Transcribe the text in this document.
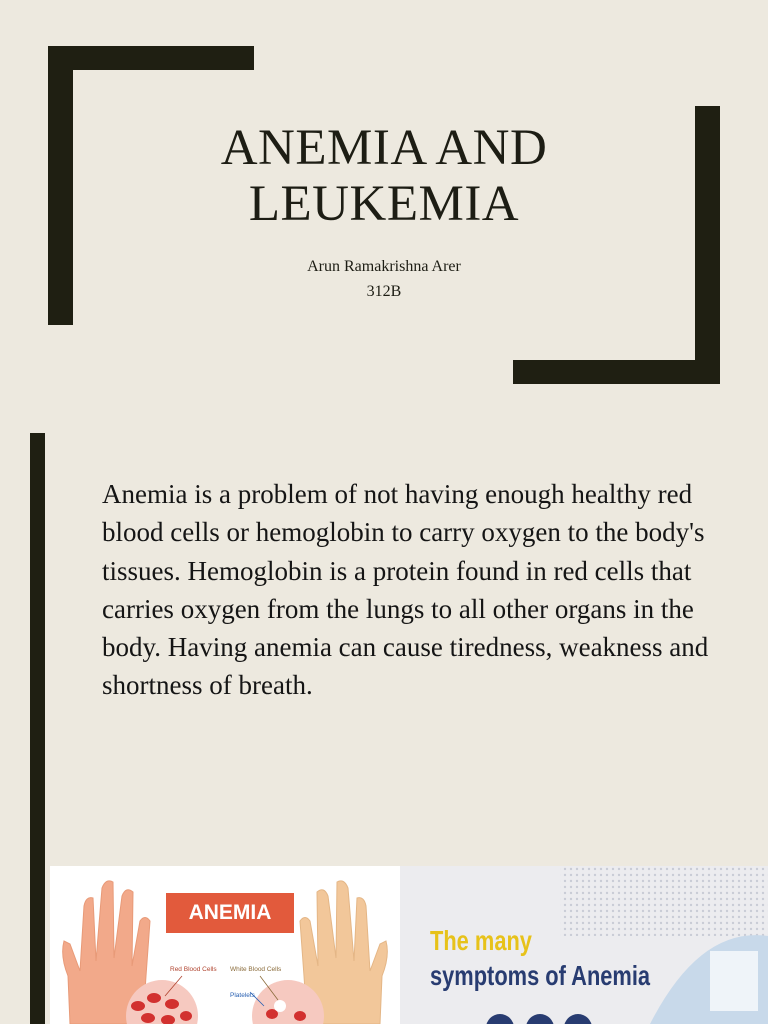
ANEMIA AND
LEUKEMIA
Arun Ramakrishna Arer
312B
Anemia is a problem of not having enough healthy red blood cells or hemoglobin to carry oxygen to the body's tissues. Hemoglobin is a protein found in red cells that carries oxygen from the lungs to all other organs in the body. Having anemia can cause tiredness, weakness and shortness of breath.
ANEMIA
Red Blood Cells White Blood Cells
Platelets
The many
symptoms of Anemia
